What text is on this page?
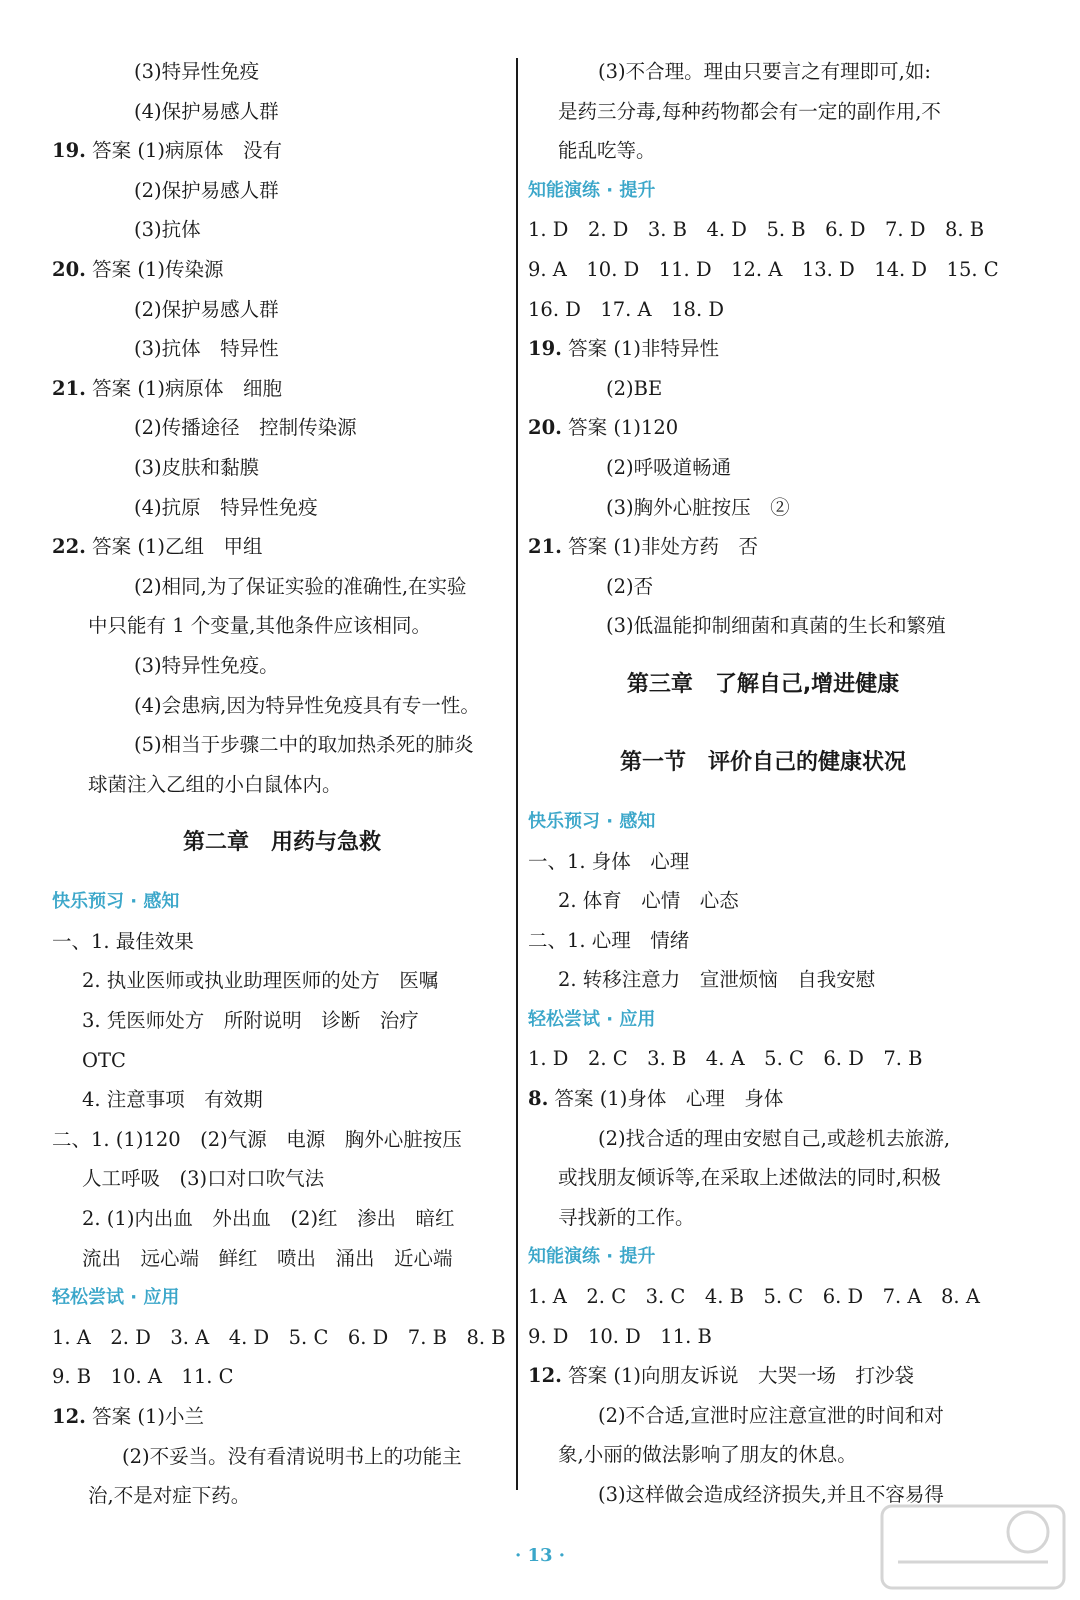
(3)特异性免疫
(4)保护易感人群
19. 答案 (1)病原体　没有
(2)保护易感人群
(3)抗体
20. 答案 (1)传染源
(2)保护易感人群
(3)抗体　特异性
21. 答案 (1)病原体　细胞
(2)传播途径　控制传染源
(3)皮肤和黏膜
(4)抗原　特异性免疫
22. 答案 (1)乙组　甲组
(2)相同,为了保证实验的准确性,在实验
中只能有 1 个变量,其他条件应该相同。
(3)特异性免疫。
(4)会患病,因为特异性免疫具有专一性。
(5)相当于步骤二中的取加热杀死的肺炎
球菌注入乙组的小白鼠体内。
第二章　用药与急救
快乐预习 · 感知
一、1. 最佳效果
2. 执业医师或执业助理医师的处方　医嘱
3. 凭医师处方　所附说明　诊断　治疗
OTC
4. 注意事项　有效期
二、1. (1)120　(2)气源　电源　胸外心脏按压
人工呼吸　(3)口对口吹气法
2. (1)内出血　外出血　(2)红　渗出　暗红
流出　远心端　鲜红　喷出　涌出　近心端
轻松尝试 · 应用
1. A　2. D　3. A　4. D　5. C　6. D　7. B　8. B
9. B　10. A　11. C
12. 答案 (1)小兰
(2)不妥当。没有看清说明书上的功能主
治,不是对症下药。
(3)不合理。理由只要言之有理即可,如:
是药三分毒,每种药物都会有一定的副作用,不
能乱吃等。
知能演练 · 提升
1. D　2. D　3. B　4. D　5. B　6. D　7. D　8. B
9. A　10. D　11. D　12. A　13. D　14. D　15. C
16. D　17. A　18. D
19. 答案 (1)非特异性
(2)BE
20. 答案 (1)120
(2)呼吸道畅通
(3)胸外心脏按压　②
21. 答案 (1)非处方药　否
(2)否
(3)低温能抑制细菌和真菌的生长和繁殖
第三章　了解自己,增进健康
第一节　评价自己的健康状况
快乐预习 · 感知
一、1. 身体　心理
2. 体育　心情　心态
二、1. 心理　情绪
2. 转移注意力　宣泄烦恼　自我安慰
轻松尝试 · 应用
1. D　2. C　3. B　4. A　5. C　6. D　7. B
8. 答案 (1)身体　心理　身体
(2)找合适的理由安慰自己,或趁机去旅游,
或找朋友倾诉等,在采取上述做法的同时,积极
寻找新的工作。
知能演练 · 提升
1. A　2. C　3. C　4. B　5. C　6. D　7. A　8. A
9. D　10. D　11. B
12. 答案 (1)向朋友诉说　大哭一场　打沙袋
(2)不合适,宣泄时应注意宣泄的时间和对
象,小丽的做法影响了朋友的休息。
(3)这样做会造成经济损失,并且不容易得
· 13 ·
